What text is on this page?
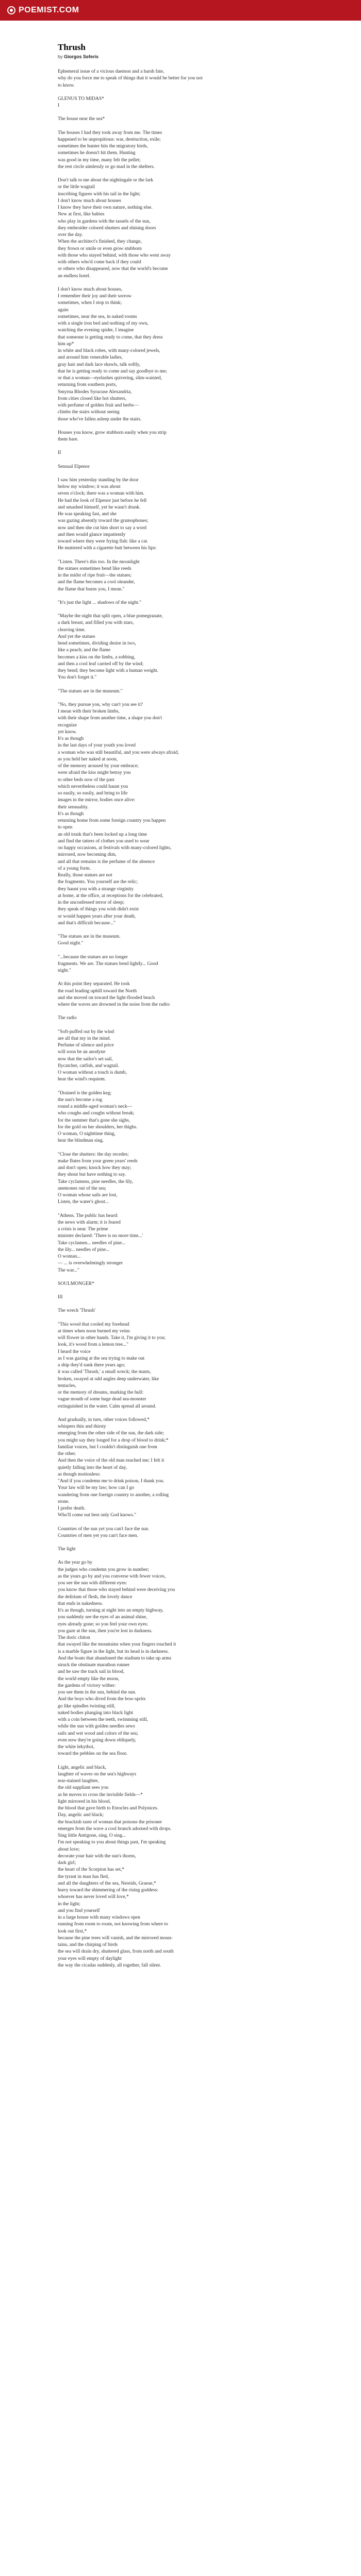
POEMIST.COM
Thrush
by Giorgos Seferis

Ephemeral issue of a vicious daemon and a harsh fate,
why do you force me to speak of things that it would be better for you not
to know.

GLENUS TO MIDAS*
I

The house near the sea*

The houses I had they took away from me. The times
happened to be unpropitious: war, destruction, exile;
sometimes the hunter hits the migratory birds,
sometimes he doesn't hit them. Hunting
was good in my time, many felt the pellet;
the rest circle aimlessly or go mad in the shelters.

Don't talk to me about the nightingale or the lark
or the little wagtail
inscribing figures with his tail in the light;
I don't know much about houses
I know they have their own nature, nothing else.
New at first, like babies
who play in gardens with the tassels of the sun,
they embroider colored shutters and shining doors
over the day.
When the architect's finished, they change,
they frown or smile or even grow stubborn
with those who stayed behind, with those who went away
with others who'd come back if they could
or others who disappeared, now that the world's become
an endless hotel.

I don't know much about houses,
I remember their joy and their sorrow
sometimes, when I stop to think;
again
sometimes, near the sea, in naked rooms
with a single iron bed and nothing of my own,
watching the evening spider, I imagine
that someone is getting ready to come, that they dress
him up*
in white and black robes, with many-colored jewels,
and around him venerable ladies,
gray hair and dark lace shawls, talk softly,
that he is getting ready to come and say goodbye to me;
or that a woman—eyelashes quivering, slim-waisted,
returning from southern ports,
Smyrna Rhodes Syracuse Alexandria,
from cities closed like hot shutters,
with perfume of golden fruit and herbs—
climbs the stairs without seeing
those who've fallen asleep under the stairs.

Houses you know, grow stubborn easily when you strip
them bare.

II

Sensual Elpenor

I saw him yesterday standing by the door
below my window; it was about
seven o'clock; there was a woman with him.
He had the look of Elpenor just before he fell
and smashed himself, yet he wasn't drunk.
He was speaking fast, and she
was gazing absently toward the gramophones;
now and then she cut him short to say a word
and then would glance impatiently
toward where they were frying fish: like a cat.
He muttered with a cigarette butt between his lips:

"Listen. There's this too. In the moonlight
the statues sometimes bend like reeds
in the midst of ripe fruit—the statues;
and the flame becomes a cool oleander,
the flame that burns you, I mean."

"It's just the light ... shadows of the night."

"Maybe the night that split open, a blue pomegranate,
a dark breast, and filled you with stars,
cleaving time.
And yet the statues
bend sometimes, dividing desire in two,
like a peach; and the flame
becomes a kiss on the limbs, a sobbing,
and then a cool leaf carried off by the wind;
they bend; they become light with a human weight.
You don't forget it."

"The statues are in the museum."

"No, they pursue you, why can't you see it?
I mean with their broken limbs,
with their shape from another time, a shape you don't
recognize
yet know.
It's as though
in the last days of your youth you loved
a woman who was still beautiful, and you were always afraid,
as you held her naked at noon,
of the memory aroused by your embrace;
were afraid the kiss might betray you
to other beds now of the past
which nevertheless could haunt you
so easily, so easily, and bring to life
images in the mirror, bodies once alive:
their sensuality.
It's as though
returning home from some foreign country you happen
to open
an old trunk that's been locked up a long time
and find the tatters of clothes you used to wear
on happy occasions, at festivals with many-colored lights,
mirrored, now becoming dim,
and all that remains is the perfume of the absence
of a young form.
Really, those statues are not
the fragments. You yourself are the relic;
they haunt you with a strange virginity
at home, at the office, at receptions for the celebrated,
in the unconfessed terror of sleep;
they speak of things you wish didn't exist
or would happen years after your death,
and that's difficult because..."

"The statues are in the museum.
Good night."

"...because the statues are no longer
fragments. We are. The statues bend lightly... Good
night."

At this point they separated. He took
the road leading uphill toward the North
and she moved on toward the light-flooded beach
where the waves are drowned in the noise from the radio:

The radio

"Soft-puffed out by the wind
are all that my in the mind.
Perfume of silence and price
will soon be an anodyne
now that the sailor's set sail,
flycatcher, catfish, and wagtail.
O woman without a touch is dumb,
hear the wind's requiem.

"Drained is the golden keg;
the sun's become a rug
round a middle-aged woman's neck—
who coughs and coughs without break;
for the summer that's gone she sighs,
for the gold on her shoulders, her thighs.
O woman, O nighttime thing,
hear the blindman sing.

"Close the shutters: the day recedes;
make flutes from your green years' reeds
and don't open; knock how they may;
they shout but have nothing to say.
Take cyclamens, pine needles, the lily,
anemones out of the sea;
O woman whose sails are lost,
Listen, the water's ghost...

"Athens. The public has heard:
the news with alarm; it is feared
a crisis is near. The prime
minister declared: 'There is no more time...'
Take cyclamen... needles of pine...
the lily... needles of pine...
O woman...
— ... is overwhelmingly stronger
The war..."

SOULMONGER*

III

The wreck 'Thrush'

"This wood that cooled my forehead
at times when noon burned my veins
will flower in other hands. Take it, I'm giving it to you;
look, it's wood from a lemon tree..."
I heard the voice
as I was gazing at the sea trying to make out
a ship they'd sunk there years ago;
it was called 'Thrush,' a small wreck; the masts,
broken, swayed at odd angles deep underwater, like
tentacles,
or the memory of dreams, marking the hull:
vague mouth of some huge dead sea-monster
extinguished in the water. Calm spread all around.

And gradually, in turn, other voices followed,*
whispers thin and thirsty
emerging from the other side of the sun, the dark side;
you might say they longed for a drop of blood to drink;*
familiar voices, but I couldn't distinguish one from
the other.
And then the voice of the old man reached me; I felt it
quietly falling into the heart of day,
as though motionless:
"And if you condemn me to drink poison, I thank you.
Your law will be my law; how can I go
wandering from one foreign country to another, a rolling
stone.
I prefer death.
Who'll come out best only God knows."

Countries of the sun yet you can't face the sun.
Countries of men yet you can't face men.

The light

As the year go by
the judges who condemn you grow in number;
as the years go by and you converse with fewer voices,
you see the sun with different eyes:
you know that those who stayed behind were deceiving you
the delirium of flesh, the lovely dance
that ends in nakedness.
It's as though, turning at night into an empty highway,
you suddenly see the eyes of an animal shine,
eyes already gone; so you feel your own eyes:
you gaze at the sun, then you're lost in darkness.
The doric chiton
that swayed like the mountains when your fingers touched it
is a marble figure in the light, but its head is in darkness.
And the boats that abandoned the stadium to take up arms
struck the obstinate marathon runner
and he saw the track sail in blood,
the world empty like the moon,
the gardens of victory wither:
you see them in the sun, behind the sun.
And the boys who dived from the bow-sprits
go like spindles twisting still,
naked bodies plunging into black light
with a coin between the teeth, swimming still,
while the sun with golden needles sews
sails and wet wood and colors of the sea;
even now they're going down obliquely,
the white lekythoi,
toward the pebbles on the sea floor.

Light, angelic and black,
laughter of waves on the sea's highways
tear-stained laughter,
the old suppliant sees you
as he moves to cross the invisible fields—*
light mirrored in his blood,
the blood that gave birth to Eteocles and Polynices.
Day, angelic and black;
the brackish taste of woman that poisons the prisoner
emerges from the wave a cool branch adorned with drops.
Sing little Antigone, sing, O sing...
I'm not speaking to you about things past, I'm speaking
about love;
decorate your hair with the sun's thorns,
dark girl;
the heart of the Scorpion has set,*
the tyrant in man has fled,
and all the daughters of the sea, Nereids, Graeae,*
hurry toward the shimmering of the rising goddess:
whoever has never loved will love,*
in the light;
and you find yourself
in a large house with many windows open
running from room to room, not knowing from where to
look out first,*
because the pine trees will vanish, and the mirrored moun-
tains, and the chirping of birds
the sea will drain dry, shattered glass, from north and south
your eyes will empty of daylight
the way the cicadas suddenly, all together, fall silent.
